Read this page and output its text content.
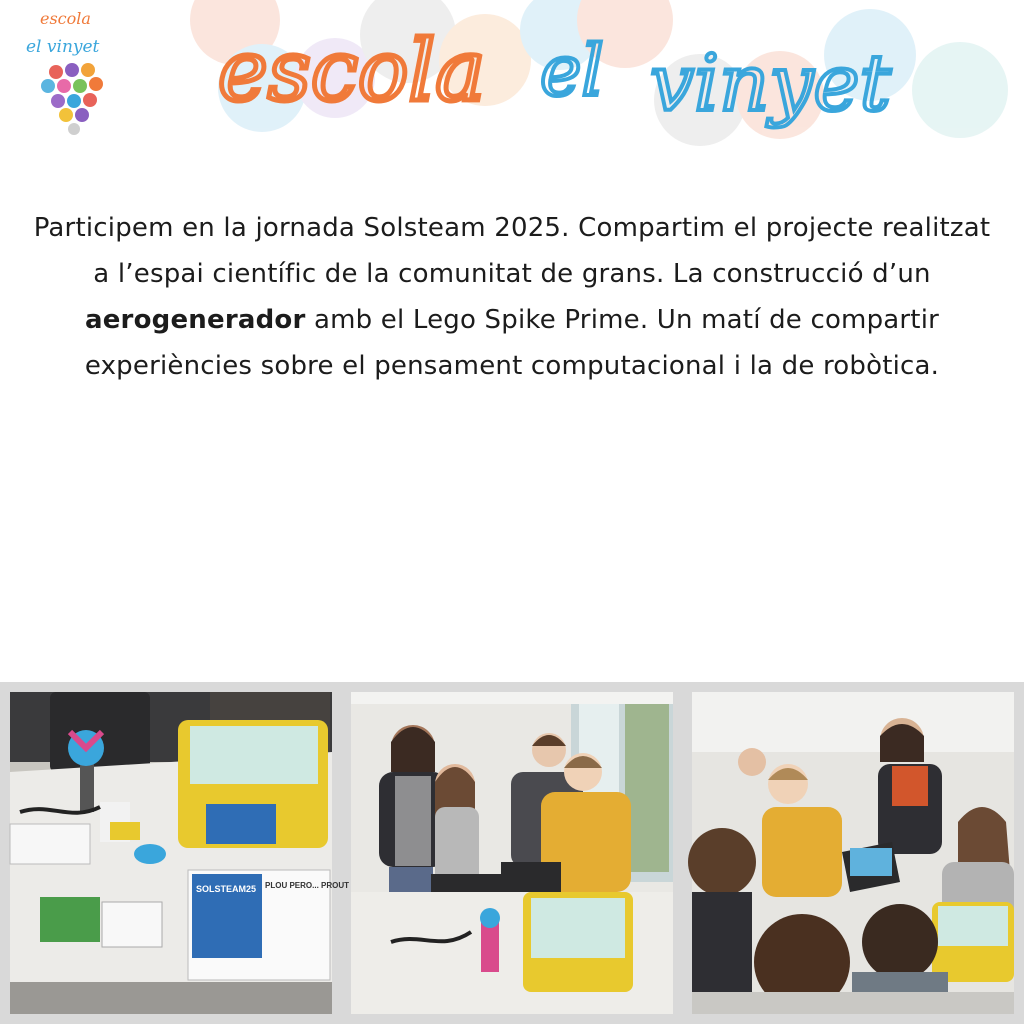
escola
el vinyet escola el vinyet
Participem en la jornada Solsteam 2025. Compartim el projecte realitzat a l’espai científic de la comunitat de grans. La construcció d’un aerogenerador amb el Lego Spike Prime. Un matí de compartir experiències sobre el pensament computacional i la de robòtica.
SOLSTEAM25 PLOU PERO... PROUT
